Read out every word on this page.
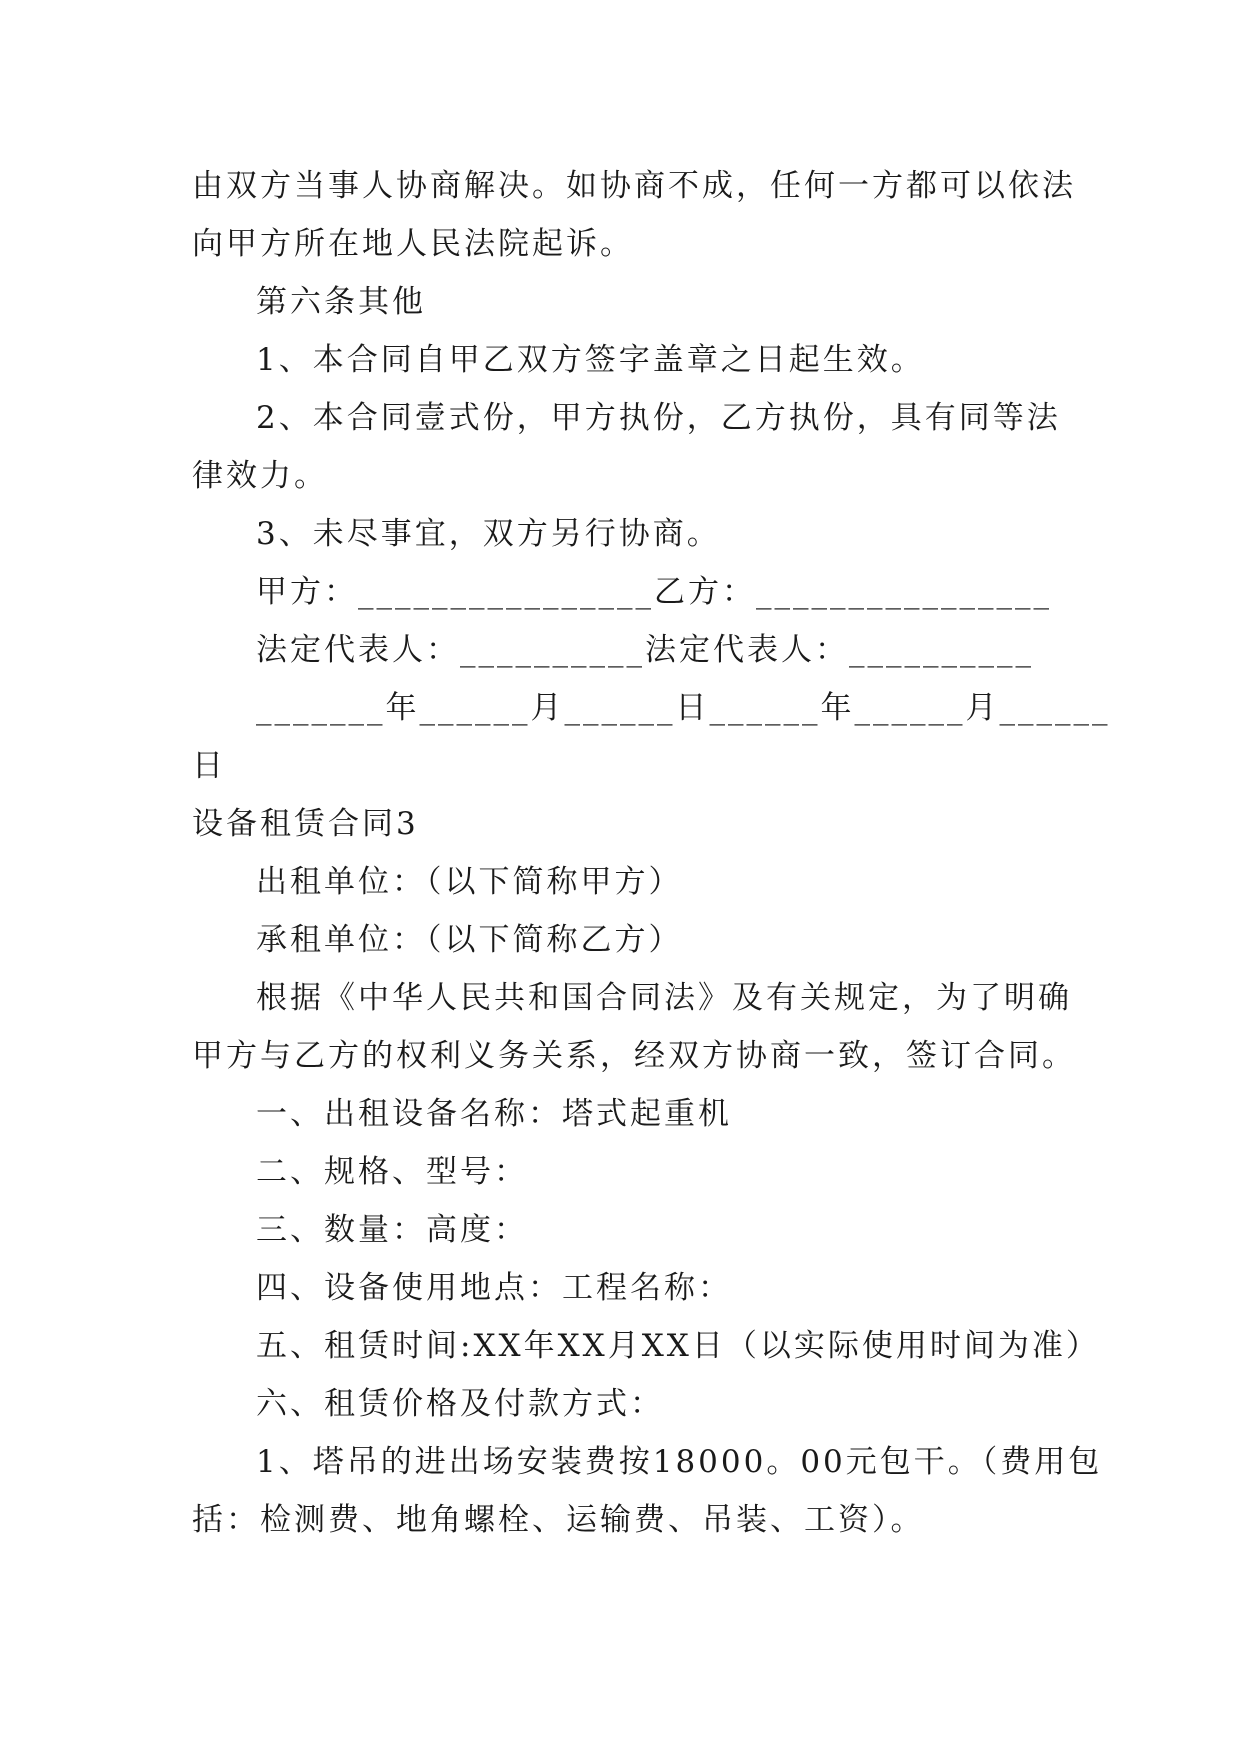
由双方当事人协商解决。如协商不成，任何一方都可以依法
向甲方所在地人民法院起诉。
第六条其他
1、本合同自甲乙双方签字盖章之日起生效。
2、本合同壹式份，甲方执份，乙方执份，具有同等法
律效力。
3、未尽事宜，双方另行协商。
甲方：________________乙方：________________
法定代表人：__________法定代表人：__________
_______年______月______日______年______月______
日
设备租赁合同3
出租单位：（以下简称甲方）
承租单位：（以下简称乙方）
根据《中华人民共和国合同法》及有关规定，为了明确
甲方与乙方的权利义务关系，经双方协商一致，签订合同。
一、出租设备名称：塔式起重机
二、规格、型号：
三、数量：高度：
四、设备使用地点：工程名称：
五、租赁时间:XX年XX月XX日（以实际使用时间为准）
六、租赁价格及付款方式：
1、塔吊的进出场安装费按18000。00元包干。（费用包
括：检测费、地角螺栓、运输费、吊装、工资）。
